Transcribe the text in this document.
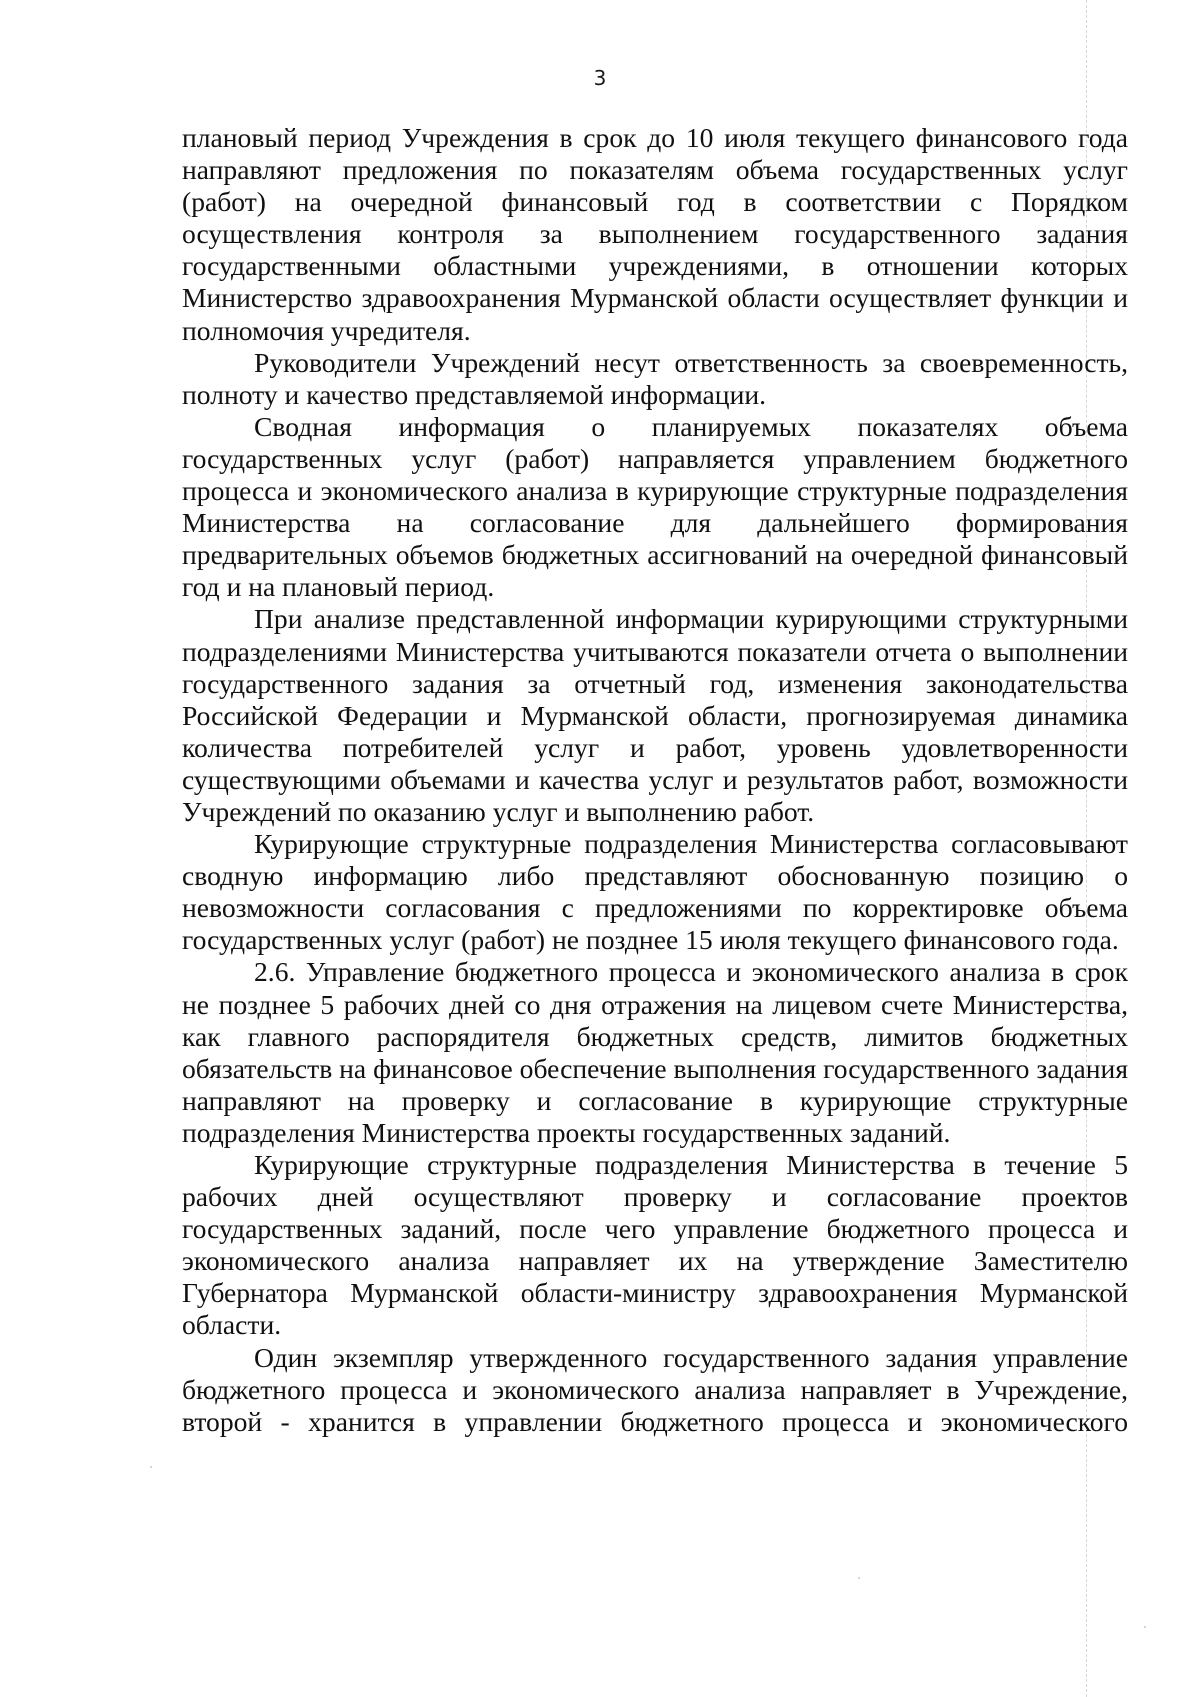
3

плановый период Учреждения в срок до 10 июля текущего финансового года направляют предложения по показателям объема государственных услуг (работ) на очередной финансовый год в соответствии с Порядком осуществления контроля за выполнением государственного задания государственными областными учреждениями, в отношении которых Министерство здравоохранения Мурманской области осуществляет функции и полномочия учредителя.

Руководители Учреждений несут ответственность за своевременность, полноту и качество представляемой информации.

Сводная информация о планируемых показателях объема государственных услуг (работ) направляется управлением бюджетного процесса и экономического анализа в курирующие структурные подразделения Министерства на согласование для дальнейшего формирования предварительных объемов бюджетных ассигнований на очередной финансовый год и на плановый период.

При анализе представленной информации курирующими структурными подразделениями Министерства учитываются показатели отчета о выполнении государственного задания за отчетный год, изменения законодательства Российской Федерации и Мурманской области, прогнозируемая динамика количества потребителей услуг и работ, уровень удовлетворенности существующими объемами и качества услуг и результатов работ, возможности Учреждений по оказанию услуг и выполнению работ.

Курирующие структурные подразделения Министерства согласовывают сводную информацию либо представляют обоснованную позицию о невозможности согласования с предложениями по корректировке объема государственных услуг (работ) не позднее 15 июля текущего финансового года.

2.6. Управление бюджетного процесса и экономического анализа в срок не позднее 5 рабочих дней со дня отражения на лицевом счете Министерства, как главного распорядителя бюджетных средств, лимитов бюджетных обязательств на финансовое обеспечение выполнения государственного задания направляют на проверку и согласование в курирующие структурные подразделения Министерства проекты государственных заданий.

Курирующие структурные подразделения Министерства в течение 5 рабочих дней осуществляют проверку и согласование проектов государственных заданий, после чего управление бюджетного процесса и экономического анализа направляет их на утверждение Заместителю Губернатора Мурманской области-министру здравоохранения Мурманской области.

Один экземпляр утвержденного государственного задания управление бюджетного процесса и экономического анализа направляет в Учреждение, второй - хранится в управлении бюджетного процесса и экономического
